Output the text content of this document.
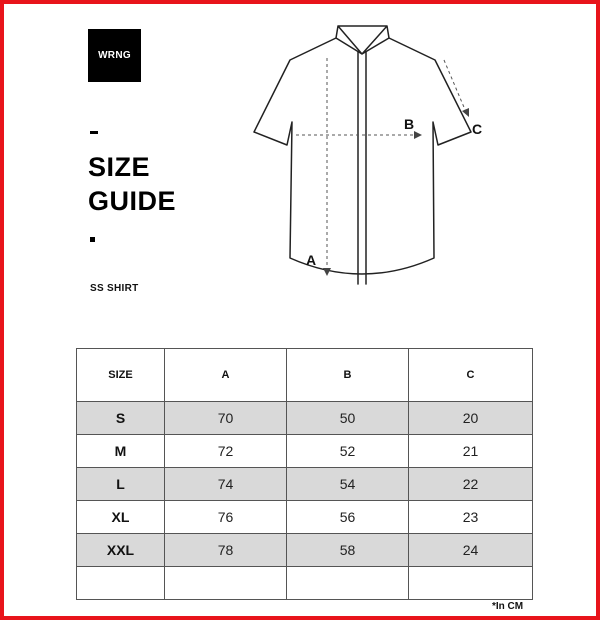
WRNG
SIZE
GUIDE
SS SHIRT
A
B	C
SIZE	A	B	C
S	70	50	20
M	72	52	21
L	74	54	22
XL	76	56	23
XXL	78	58	24

*In CM
